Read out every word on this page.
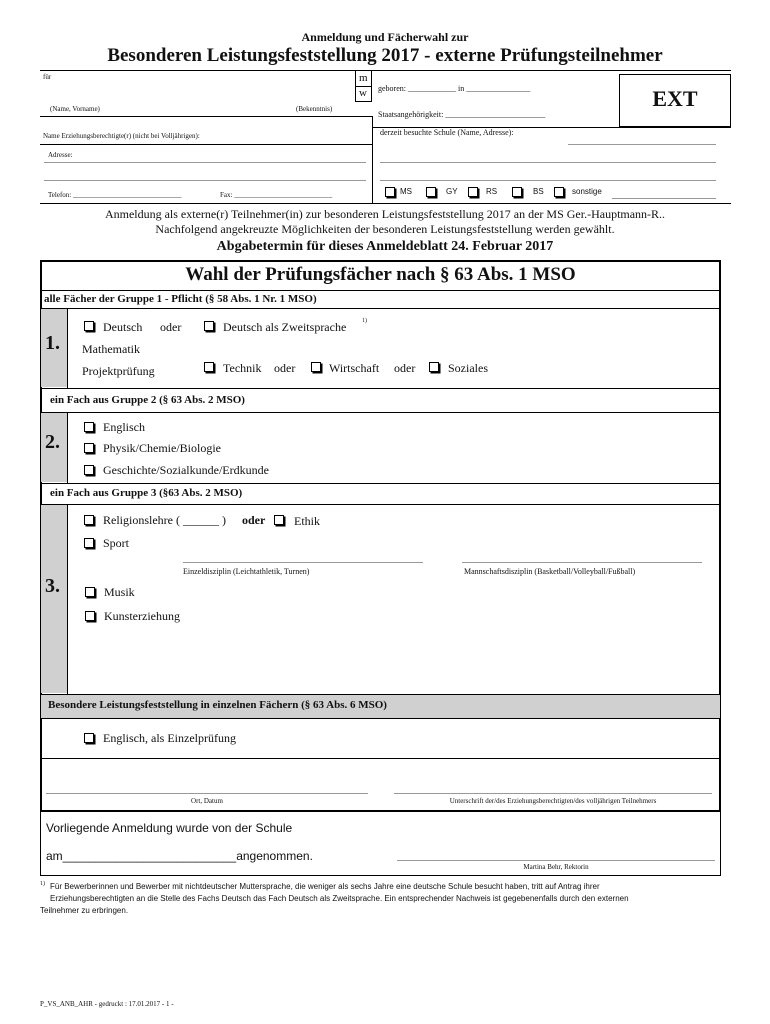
Anmeldung und Fächerwahl zur
Besonderen Leistungsfeststellung 2017 - externe Prüfungsteilnehmer
für	m
w geboren: ____________ in ________________	EXT
(Name, Vorname)	(Bekenntnis)
Staatsangehörigkeit: _________________________
Name Erziehungsberechtigte(r) (nicht bei Volljährigen):	derzeit besuchte Schule (Name, Adresse):
Adresse:
Telefon: _______________________________	Fax: ____________________________	MS	GY	RS	BS	sonstige
Anmeldung als externe(r) Teilnehmer(in) zur besonderen Leistungsfeststellung 2017 an der MS Ger.-Hauptmann-R..
Nachfolgend angekreuzte Möglichkeiten der besonderen Leistungsfeststellung werden gewählt.
Abgabetermin für dieses Anmeldeblatt 24. Februar 2017
Wahl der Prüfungsfächer nach § 63 Abs. 1 MSO
alle Fächer der Gruppe 1 - Pflicht (§ 58 Abs. 1 Nr. 1 MSO)
1.
Deutsch oder	Deutsch als Zweitsprache	1)
Mathematik
Projektprüfung	Technik oder	Wirtschaft oder	Soziales
ein Fach aus Gruppe 2 (§ 63 Abs. 2 MSO)
2.
Englisch
Physik/Chemie/Biologie
Geschichte/Sozialkunde/Erdkunde
ein Fach aus Gruppe 3 (§63 Abs. 2 MSO)
3.
Religionslehre ( ______ ) oder Ethik
Sport
Einzeldisziplin (Leichtathletik, Turnen)	Mannschaftsdisziplin (Basketball/Volleyball/Fußball)
Musik
Kunsterziehung
Besondere Leistungsfeststellung in einzelnen Fächern (§ 63 Abs. 6 MSO)
Englisch, als Einzelprüfung
Ort, Datum	Unterschrift der/des Erziehungsberechtigten/des volljährigen Teilnehmers
Vorliegende Anmeldung wurde von der Schule
am__________________________angenommen.
Martina Behr, Rektorin
1) Für Bewerberinnen und Bewerber mit nichtdeutscher Muttersprache, die weniger als sechs Jahre eine deutsche Schule besucht haben, tritt auf Antrag ihrer
Erziehungsberechtigten an die Stelle des Fachs Deutsch das Fach Deutsch als Zweitsprache. Ein entsprechender Nachweis ist gegebenenfalls durch den externen
Teilnehmer zu erbringen.
P_VS_ANB_AHR - gedruckt : 17.01.2017 - 1 -
